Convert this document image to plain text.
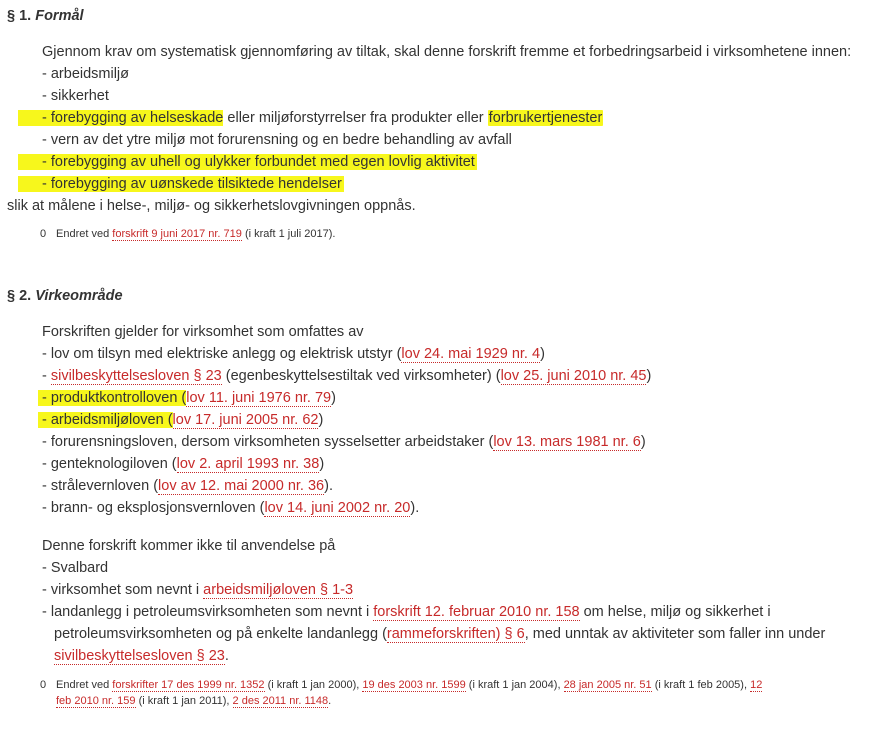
§ 1. Formål
Gjennom krav om systematisk gjennomføring av tiltak, skal denne forskrift fremme et forbedringsarbeid i virksomhetene innen:
- arbeidsmiljø
- sikkerhet
- forebygging av helseskade eller miljøforstyrrelser fra produkter eller forbrukertjenester
- vern av det ytre miljø mot forurensning og en bedre behandling av avfall
- forebygging av uhell og ulykker forbundet med egen lovlig aktivitet
- forebygging av uønskede tilsiktede hendelser
slik at målene i helse-, miljø- og sikkerhetslovgivningen oppnås.
0 Endret ved forskrift 9 juni 2017 nr. 719 (i kraft 1 juli 2017).
§ 2. Virkeområde
Forskriften gjelder for virksomhet som omfattes av
- lov om tilsyn med elektriske anlegg og elektrisk utstyr (lov 24. mai 1929 nr. 4)
- sivilbeskyttelsesloven § 23 (egenbeskyttelsestiltak ved virksomheter) (lov 25. juni 2010 nr. 45)
- produktkontrolloven (lov 11. juni 1976 nr. 79)
- arbeidsmiljøloven (lov 17. juni 2005 nr. 62)
- forurensningsloven, dersom virksomheten sysselsetter arbeidstaker (lov 13. mars 1981 nr. 6)
- genteknologiloven (lov 2. april 1993 nr. 38)
- strålevernloven (lov av 12. mai 2000 nr. 36).
- brann- og eksplosjonsvernloven (lov 14. juni 2002 nr. 20).
Denne forskrift kommer ikke til anvendelse på
- Svalbard
- virksomhet som nevnt i arbeidsmiljøloven § 1-3
- landanlegg i petroleumsvirksomheten som nevnt i forskrift 12. februar 2010 nr. 158 om helse, miljø og sikkerhet i
petroleumsvirksomheten og på enkelte landanlegg (rammeforskriften) § 6, med unntak av aktiviteter som faller inn under
sivilbeskyttelsesloven § 23.
0 Endret ved forskrifter 17 des 1999 nr. 1352 (i kraft 1 jan 2000), 19 des 2003 nr. 1599 (i kraft 1 jan 2004), 28 jan 2005 nr. 51 (i kraft 1 feb 2005), 12
feb 2010 nr. 159 (i kraft 1 jan 2011), 2 des 2011 nr. 1148.
